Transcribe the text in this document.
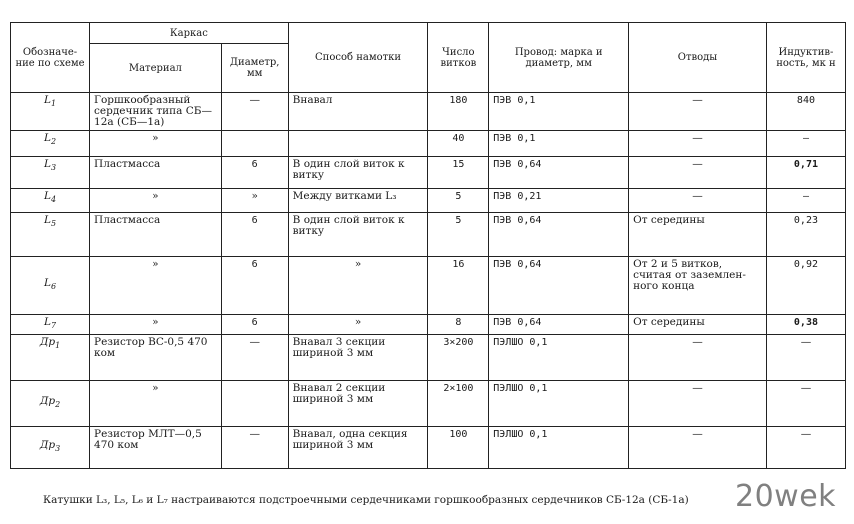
Обозначе-ние по схеме	Каркас		Способ намотки	Число витков	Провод: марка и диаметр, мм	Отводы	Индуктив-ность, мк н
	Материал	Диаметр, мм					
$L_1$	Горшкообразный сердечник типа СБ—12а (СБ—1а)	—	Внавал	180	ПЭВ 0,1	—	840
$L_2$	»			40	ПЭВ 0,1	—	—
$L_3$	Пластмасса	6	В один слой виток к витку	15	ПЭВ 0,64	—	0,71
$L_4$	»	»	Между витками L₃	5	ПЭВ 0,21	—	—
$L_5$	Пластмасса	6	В один слой виток к витку	5	ПЭВ 0,64	От середины	0,23
$L_6$	»	6	»	16	ПЭВ 0,64	От 2 и 5 витков, считая от заземлен-ного конца	0,92
$L_7$	»	6	»	8	ПЭВ 0,64	От середины	0,38
$Др_1$	Резистор ВС-0,5 470 ком	—	Внавал 3 секции шириной 3 мм	3×200	ПЭЛШО 0,1	—	—
$Др_2$	»		Внавал 2 секции шириной 3 мм	2×100	ПЭЛШО 0,1	—	—
$Др_3$	Резистор МЛТ—0,5 470 ком	—	Внавал, одна секция шириной 3 мм	100	ПЭЛШО 0,1	—	—
Катушки L₃, L₅, L₆ и L₇ настраиваются подстроечными сердечниками горшкообразных сердечников СБ-12а (СБ-1а) 20wek
